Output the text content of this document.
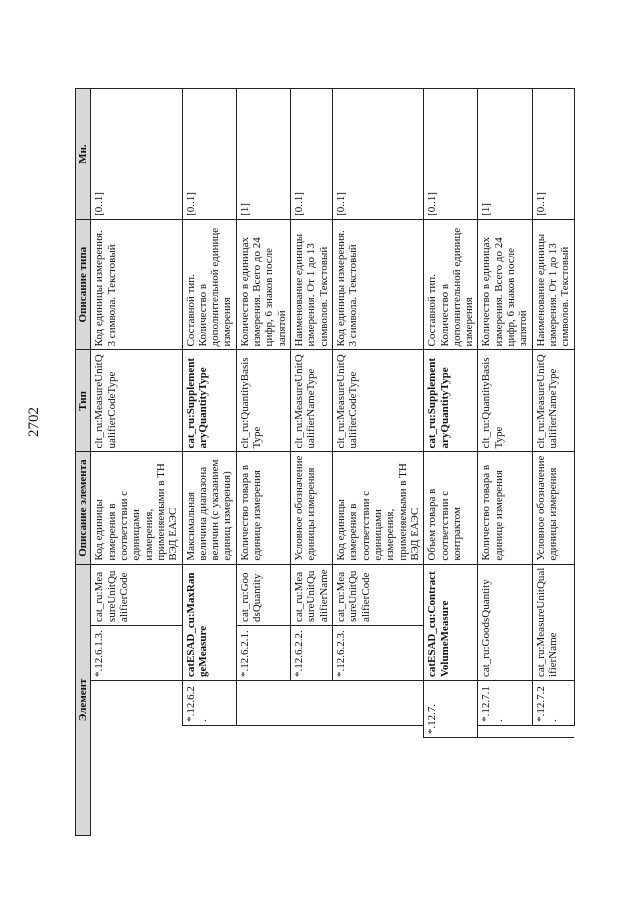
2702
Элемент					Описание элемента	Тип	Описание типа	Мн.
			*.12.6.1.3.	cat_ru:MeasureUnitQualifierCode	Код единицы измерения в соответствии с единицами измерения, применяемыми в ТН ВЭД ЕАЭС	clt_ru:MeasureUnitQualifierCodeType	Код единицы измерения. 3 символа. Текстовый	[0..1]
		*.12.6.2.	catESAD_cu:MaxRangeMeasure		Максимальная величина диапазона величин (с указанием единиц измерения)	cat_ru:SupplementaryQuantityType	Составной тип. Количество в дополнительной единице измерения	[0..1]
			*.12.6.2.1.	cat_ru:GoodsQuantity	Количество товара в единице измерения	clt_ru:QuantityBasisType	Количество в единицах измерения. Всего до 24 цифр, 6 знаков после запятой	[1]
			*.12.6.2.2.	cat_ru:MeasureUnitQualifierName	Условное обозначение единицы измерения	clt_ru:MeasureUnitQualifierNameType	Наименование единицы измерения. От 1 до 13 символов. Текстовый	[0..1]
			*.12.6.2.3.	cat_ru:MeasureUnitQualifierCode	Код единицы измерения в соответствии с единицами измерения, применяемыми в ТН ВЭД ЕАЭС	clt_ru:MeasureUnitQualifierCodeType	Код единицы измерения. 3 символа. Текстовый	[0..1]
	*.12.7.		catESAD_cu:ContractVolumeMeasure		Объем товара в соответствии с контрактом	cat_ru:SupplementaryQuantityType	Составной тип. Количество в дополнительной единице измерения	[0..1]
		*.12.7.1.	cat_ru:GoodsQuantity		Количество товара в единице измерения	clt_ru:QuantityBasisType	Количество в единицах измерения. Всего до 24 цифр, 6 знаков после запятой	[1]
		*.12.7.2.	cat_ru:MeasureUnitQualifierName		Условное обозначение единицы измерения	clt_ru:MeasureUnitQualifierNameType	Наименование единицы измерения. От 1 до 13 символов. Текстовый	[0..1]
